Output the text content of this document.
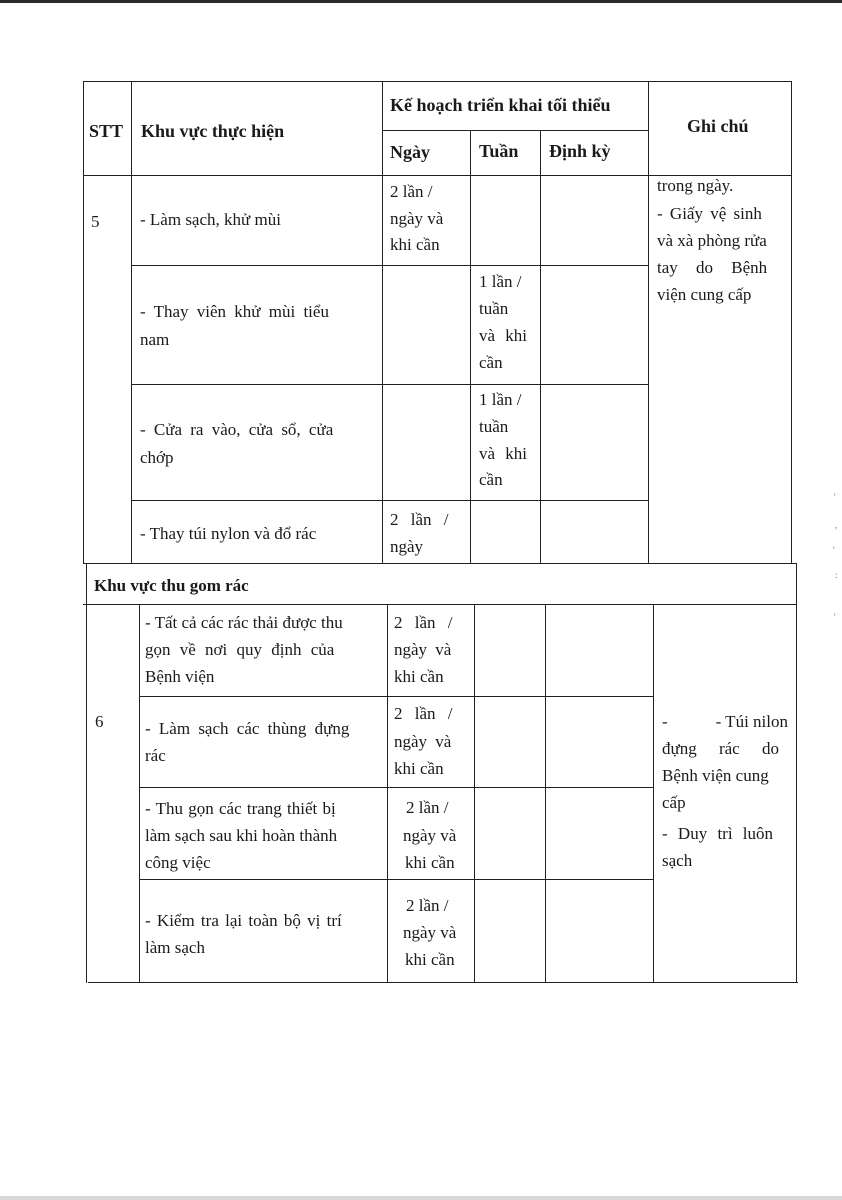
STT Khu vực thực hiện
Kế hoạch triển khai tối thiểu
Ngày	Tuần Định kỳ
Ghi chú
5 - Làm sạch, khử mùi
2 lần /
ngày và
khi cần
- Thay viên khử mùi tiểu
nam
1 lần /
tuần
và khi
cần
- Cửa ra vào, cửa sổ, cửa
chớp
1 lần /
tuần
và khi
cần
- Thay túi nylon và đổ rác
2 lần /
ngày
trong ngày.
- Giấy vệ sinh
và xà phòng rửa
tay do Bệnh
viện cung cấp
Khu vực thu gom rác
6
- Tất cả các rác thải được thu
gọn về nơi quy định của
Bệnh viện
2 lần /
ngày và
khi cần
- Làm sạch các thùng đựng
rác
2 lần /
ngày và
khi cần
- Thu gọn các trang thiết bị
làm sạch sau khi hoàn thành
công việc
2 lần /
ngày và
khi cần
- Kiểm tra lại toàn bộ vị trí
làm sạch
2 lần /
ngày và
khi cần
-	- Túi nilon
đựng rác do
Bệnh viện cung
cấp
- Duy trì luôn
sạch
'
,
'
:
'
